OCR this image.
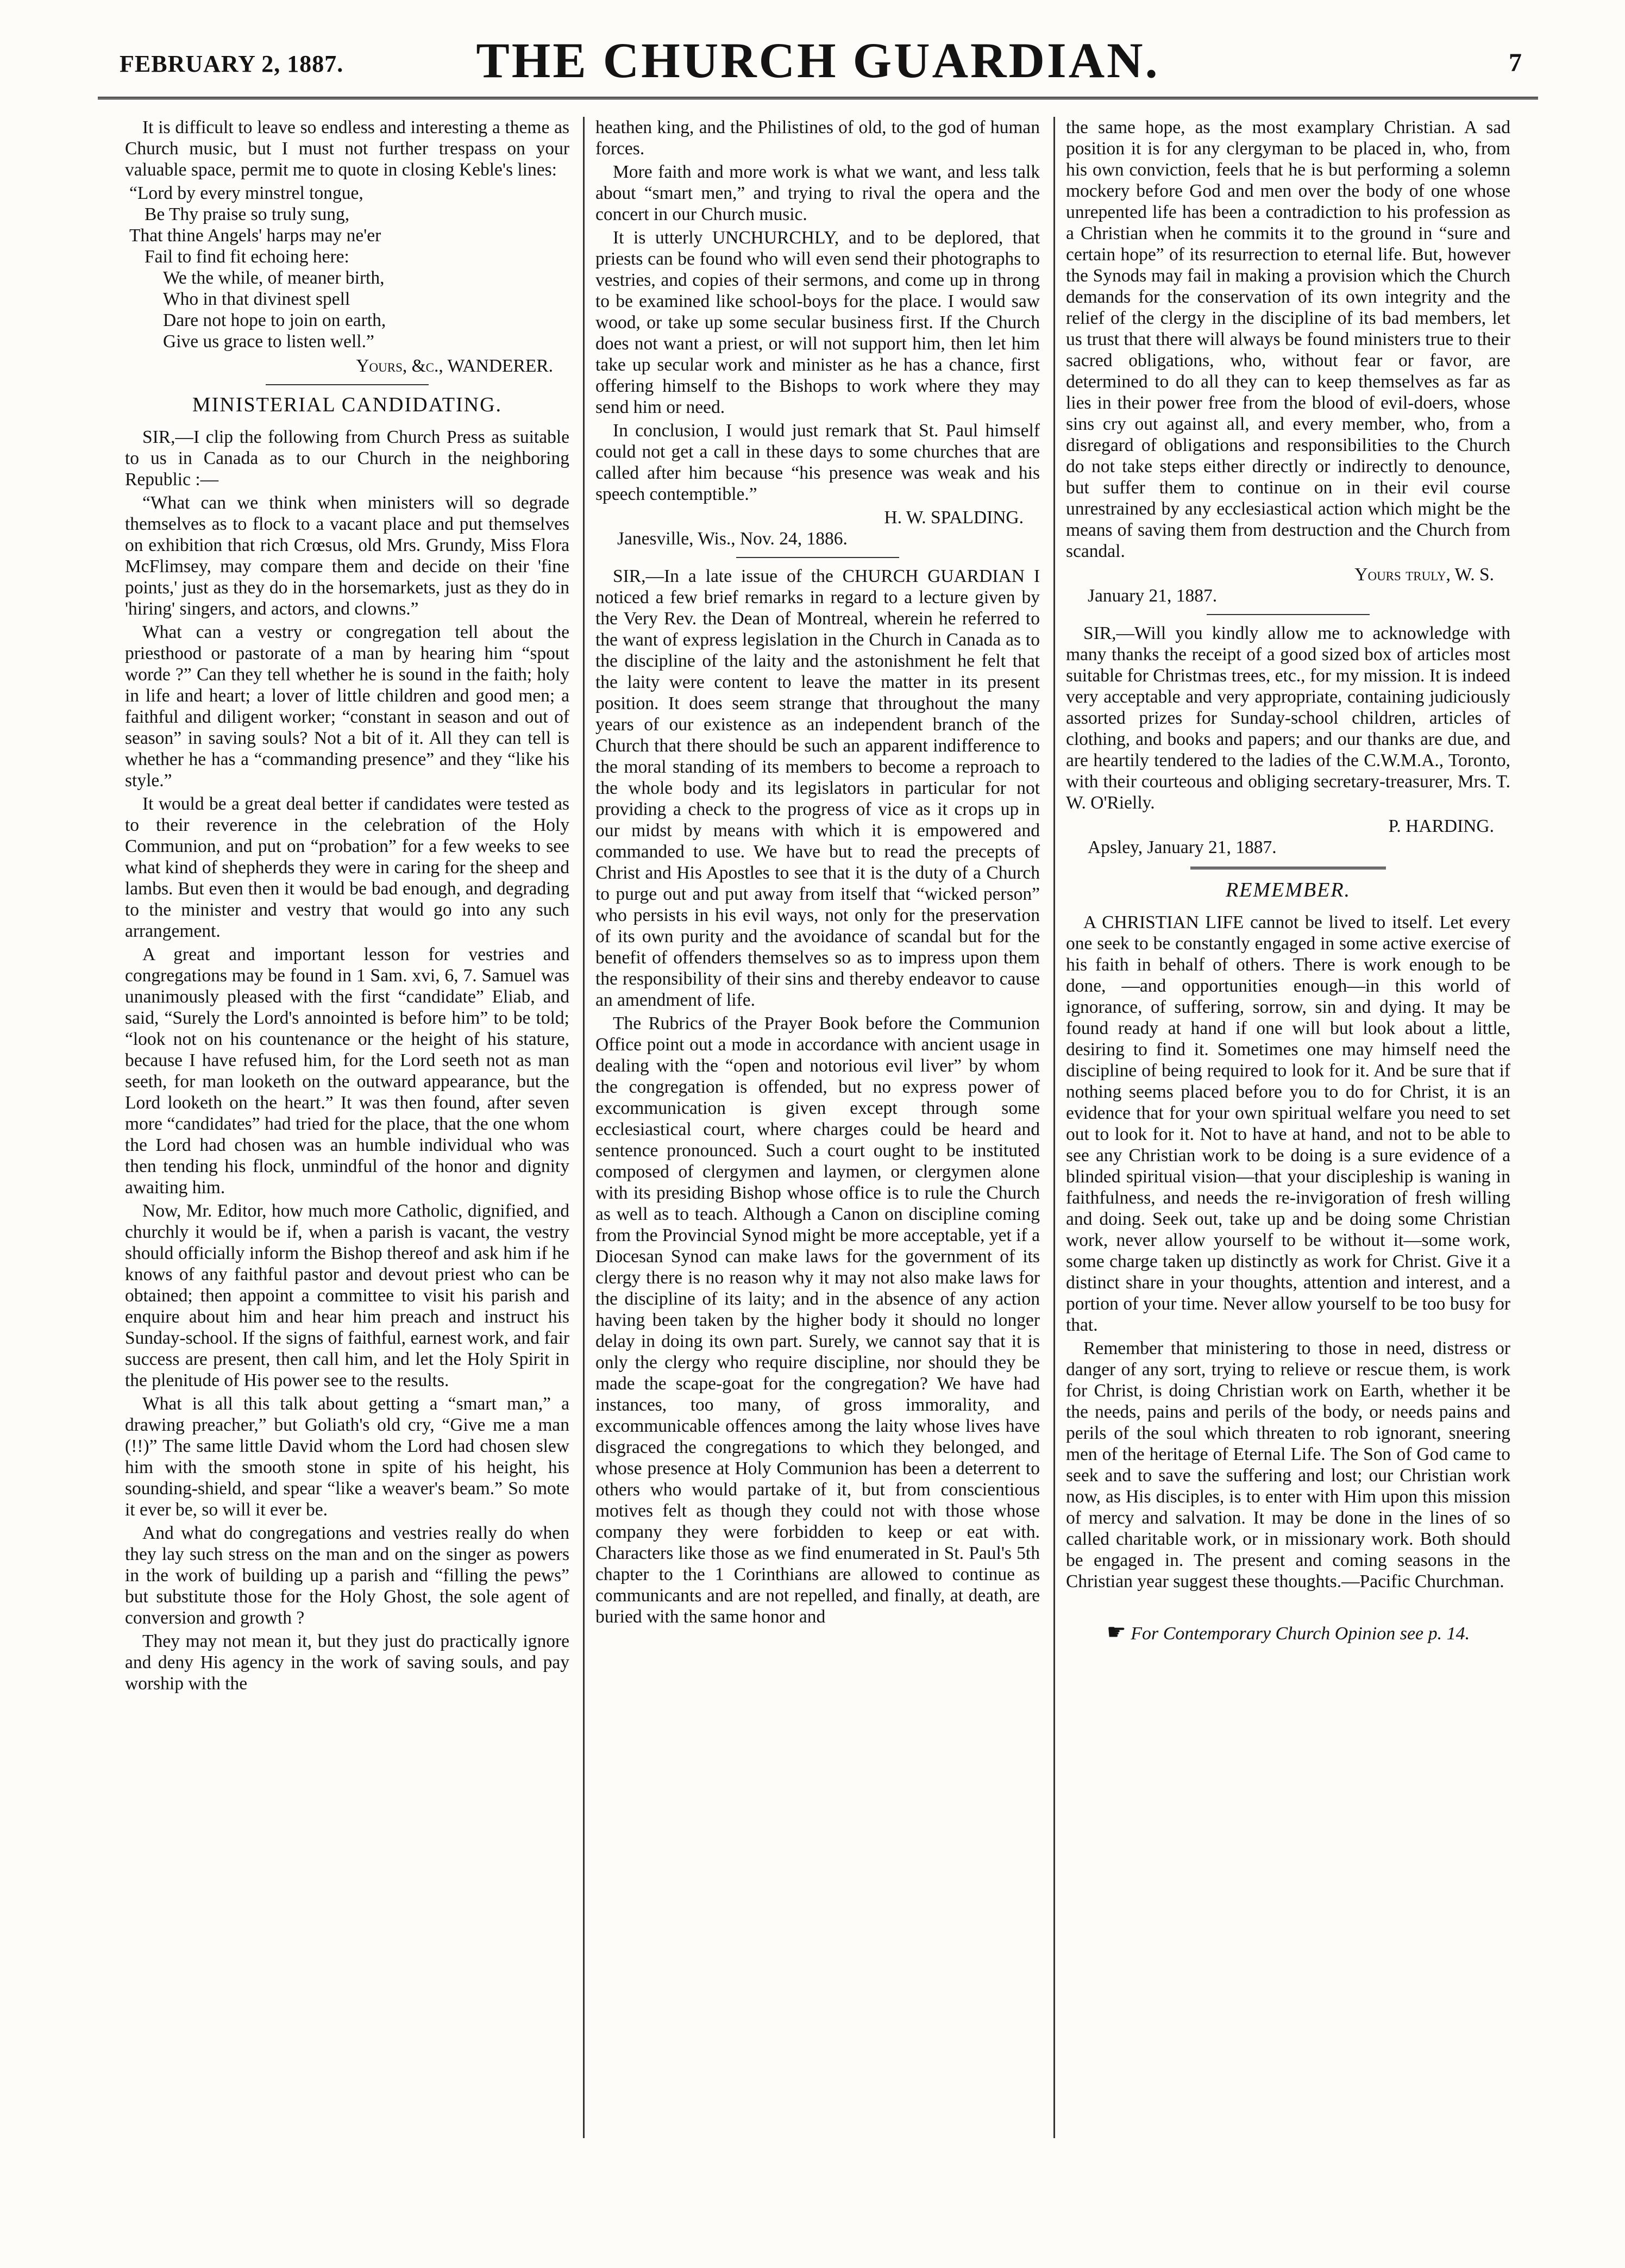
FEBRUARY 2, 1887.	THE CHURCH GUARDIAN.	7

It is difficult to leave so endless and interesting a theme as Church music, but I must not further trespass on your valuable space, permit me to quote in closing Keble's lines:

“Lord by every minstrel tongue,
Be Thy praise so truly sung,
That thine Angels' harps may ne'er
Fail to find fit echoing here:
We the while, of meaner birth,
Who in that divinest spell
Dare not hope to join on earth,
Give us grace to listen well.”
Yours, &c., WANDERER.
MINISTERIAL CANDIDATING.

SIR,—I clip the following from Church Press as suitable to us in Canada as to our Church in the neighboring Republic :—

“What can we think when ministers will so degrade themselves as to flock to a vacant place and put themselves on exhibition that rich Crœsus, old Mrs. Grundy, Miss Flora McFlimsey, may compare them and decide on their 'fine points,' just as they do in the horsemarkets, just as they do in 'hiring' singers, and actors, and clowns.”

What can a vestry or congregation tell about the priesthood or pastorate of a man by hearing him “spout worde ?” Can they tell whether he is sound in the faith; holy in life and heart; a lover of little children and good men; a faithful and diligent worker; “constant in season and out of season” in saving souls? Not a bit of it. All they can tell is whether he has a “commanding presence” and they “like his style.”

It would be a great deal better if candidates were tested as to their reverence in the celebration of the Holy Communion, and put on “probation” for a few weeks to see what kind of shepherds they were in caring for the sheep and lambs. But even then it would be bad enough, and degrading to the minister and vestry that would go into any such arrangement.

A great and important lesson for vestries and congregations may be found in 1 Sam. xvi, 6, 7. Samuel was unanimously pleased with the first “candidate” Eliab, and said, “Surely the Lord's annointed is before him” to be told; “look not on his countenance or the height of his stature, because I have refused him, for the Lord seeth not as man seeth, for man looketh on the outward appearance, but the Lord looketh on the heart.” It was then found, after seven more “candidates” had tried for the place, that the one whom the Lord had chosen was an humble individual who was then tending his flock, unmindful of the honor and dignity awaiting him.

Now, Mr. Editor, how much more Catholic, dignified, and churchly it would be if, when a parish is vacant, the vestry should officially inform the Bishop thereof and ask him if he knows of any faithful pastor and devout priest who can be obtained; then appoint a committee to visit his parish and enquire about him and hear him preach and instruct his Sunday-school. If the signs of faithful, earnest work, and fair success are present, then call him, and let the Holy Spirit in the plenitude of His power see to the results.

What is all this talk about getting a “smart man,” a drawing preacher,” but Goliath's old cry, “Give me a man (!!)” The same little David whom the Lord had chosen slew him with the smooth stone in spite of his height, his sounding-shield, and spear “like a weaver's beam.” So mote it ever be, so will it ever be.

And what do congregations and vestries really do when they lay such stress on the man and on the singer as powers in the work of building up a parish and “filling the pews” but substitute those for the Holy Ghost, the sole agent of conversion and growth ?

They may not mean it, but they just do practically ignore and deny His agency in the work of saving souls, and pay worship with the

heathen king, and the Philistines of old, to the god of human forces.

More faith and more work is what we want, and less talk about “smart men,” and trying to rival the opera and the concert in our Church music.

It is utterly UNCHURCHLY, and to be deplored, that priests can be found who will even send their photographs to vestries, and copies of their sermons, and come up in throng to be examined like school-boys for the place. I would saw wood, or take up some secular business first. If the Church does not want a priest, or will not support him, then let him take up secular work and minister as he has a chance, first offering himself to the Bishops to work where they may send him or need.

In conclusion, I would just remark that St. Paul himself could not get a call in these days to some churches that are called after him because “his presence was weak and his speech contemptible.”

H. W. SPALDING.
Janesville, Wis., Nov. 24, 1886.

SIR,—In a late issue of the CHURCH GUARDIAN I noticed a few brief remarks in regard to a lecture given by the Very Rev. the Dean of Montreal, wherein he referred to the want of express legislation in the Church in Canada as to the discipline of the laity and the astonishment he felt that the laity were content to leave the matter in its present position. It does seem strange that throughout the many years of our existence as an independent branch of the Church that there should be such an apparent indifference to the moral standing of its members to become a reproach to the whole body and its legislators in particular for not providing a check to the progress of vice as it crops up in our midst by means with which it is empowered and commanded to use. We have but to read the precepts of Christ and His Apostles to see that it is the duty of a Church to purge out and put away from itself that “wicked person” who persists in his evil ways, not only for the preservation of its own purity and the avoidance of scandal but for the benefit of offenders themselves so as to impress upon them the responsibility of their sins and thereby endeavor to cause an amendment of life.

The Rubrics of the Prayer Book before the Communion Office point out a mode in accordance with ancient usage in dealing with the “open and notorious evil liver” by whom the congregation is offended, but no express power of excommunication is given except through some ecclesiastical court, where charges could be heard and sentence pronounced. Such a court ought to be instituted composed of clergymen and laymen, or clergymen alone with its presiding Bishop whose office is to rule the Church as well as to teach. Although a Canon on discipline coming from the Provincial Synod might be more acceptable, yet if a Diocesan Synod can make laws for the government of its clergy there is no reason why it may not also make laws for the discipline of its laity; and in the absence of any action having been taken by the higher body it should no longer delay in doing its own part. Surely, we cannot say that it is only the clergy who require discipline, nor should they be made the scape-goat for the congregation? We have had instances, too many, of gross immorality, and excommunicable offences among the laity whose lives have disgraced the congregations to which they belonged, and whose presence at Holy Communion has been a deterrent to others who would partake of it, but from conscientious motives felt as though they could not with those whose company they were forbidden to keep or eat with. Characters like those as we find enumerated in St. Paul's 5th chapter to the 1 Corinthians are allowed to continue as communicants and are not repelled, and finally, at death, are buried with the same honor and

the same hope, as the most examplary Christian. A sad position it is for any clergyman to be placed in, who, from his own conviction, feels that he is but performing a solemn mockery before God and men over the body of one whose unrepented life has been a contradiction to his profession as a Christian when he commits it to the ground in “sure and certain hope” of its resurrection to eternal life. But, however the Synods may fail in making a provision which the Church demands for the conservation of its own integrity and the relief of the clergy in the discipline of its bad members, let us trust that there will always be found ministers true to their sacred obligations, who, without fear or favor, are determined to do all they can to keep themselves as far as lies in their power free from the blood of evil-doers, whose sins cry out against all, and every member, who, from a disregard of obligations and responsibilities to the Church do not take steps either directly or indirectly to denounce, but suffer them to continue on in their evil course unrestrained by any ecclesiastical action which might be the means of saving them from destruction and the Church from scandal.

Yours truly, W. S.
January 21, 1887.

SIR,—Will you kindly allow me to acknowledge with many thanks the receipt of a good sized box of articles most suitable for Christmas trees, etc., for my mission. It is indeed very acceptable and very appropriate, containing judiciously assorted prizes for Sunday-school children, articles of clothing, and books and papers; and our thanks are due, and are heartily tendered to the ladies of the C.W.M.A., Toronto, with their courteous and obliging secretary-treasurer, Mrs. T. W. O'Rielly.

P. HARDING.
Apsley, January 21, 1887.
REMEMBER.

A CHRISTIAN LIFE cannot be lived to itself. Let every one seek to be constantly engaged in some active exercise of his faith in behalf of others. There is work enough to be done, —and opportunities enough—in this world of ignorance, of suffering, sorrow, sin and dying. It may be found ready at hand if one will but look about a little, desiring to find it. Sometimes one may himself need the discipline of being required to look for it. And be sure that if nothing seems placed before you to do for Christ, it is an evidence that for your own spiritual welfare you need to set out to look for it. Not to have at hand, and not to be able to see any Christian work to be doing is a sure evidence of a blinded spiritual vision—that your discipleship is waning in faithfulness, and needs the re-invigoration of fresh willing and doing. Seek out, take up and be doing some Christian work, never allow yourself to be without it—some work, some charge taken up distinctly as work for Christ. Give it a distinct share in your thoughts, attention and interest, and a portion of your time. Never allow yourself to be too busy for that.

Remember that ministering to those in need, distress or danger of any sort, trying to relieve or rescue them, is work for Christ, is doing Christian work on Earth, whether it be the needs, pains and perils of the body, or needs pains and perils of the soul which threaten to rob ignorant, sneering men of the heritage of Eternal Life. The Son of God came to seek and to save the suffering and lost; our Christian work now, as His disciples, is to enter with Him upon this mission of mercy and salvation. It may be done in the lines of so called charitable work, or in missionary work. Both should be engaged in. The present and coming seasons in the Christian year suggest these thoughts.—Pacific Churchman.

☛ For Contemporary Church Opinion see p. 14.
